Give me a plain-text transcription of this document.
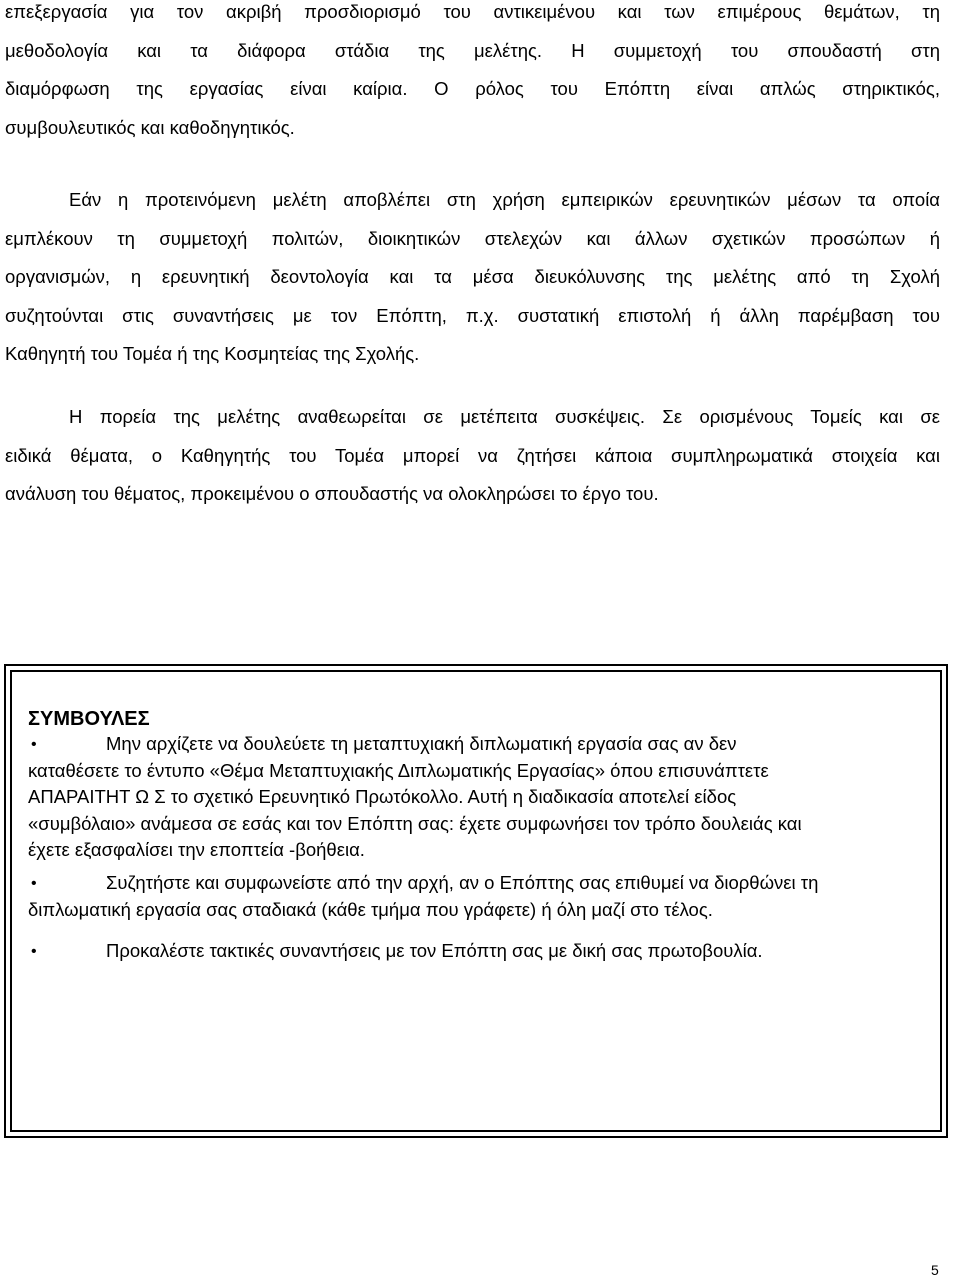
επεξεργασία για τον ακριβή προσδιορισμό του αντικειμένου και των επιμέρους θεμάτων, τη
μεθοδολογία και τα διάφορα στάδια της μελέτης. Η συμμετοχή του σπουδαστή στη
διαμόρφωση της εργασίας είναι καίρια. Ο ρόλος του Επόπτη είναι απλώς στηρικτικός,
συμβουλευτικός και καθοδηγητικός.
Εάν η προτεινόμενη μελέτη αποβλέπει στη χρήση εμπειρικών ερευνητικών μέσων τα οποία
εμπλέκουν τη συμμετοχή πολιτών, διοικητικών στελεχών και άλλων σχετικών προσώπων ή
οργανισμών, η ερευνητική δεοντολογία και τα μέσα διευκόλυνσης της μελέτης από τη Σχολή
συζητούνται στις συναντήσεις με τον Επόπτη, π.χ. συστατική επιστολή ή άλλη παρέμβαση του
Καθηγητή του Τομέα ή της Κοσμητείας της Σχολής.
Η πορεία της μελέτης αναθεωρείται σε μετέπειτα συσκέψεις. Σε ορισμένους Τομείς και σε
ειδικά θέματα, ο Καθηγητής του Τομέα μπορεί να ζητήσει κάποια συμπληρωματικά στοιχεία και
ανάλυση του θέματος, προκειμένου ο σπουδαστής να ολοκληρώσει το έργο του.

ΣΥΜΒΟΥΛΕΣ

•	Μην αρχίζετε να δουλεύετε τη μεταπτυχιακή διπλωματική εργασία σας αν δεν
καταθέσετε το έντυπο «Θέμα Μεταπτυχιακής Διπλωματικής Εργασίας» όπου επισυνάπτετε
ΑΠΑΡΑΙΤΗΤ Ω Σ το σχετικό Ερευνητικό Πρωτόκολλο. Αυτή η διαδικασία αποτελεί είδος
«συμβόλαιο» ανάμεσα σε εσάς και τον Επόπτη σας: έχετε συμφωνήσει τον τρόπο δουλειάς και
έχετε εξασφαλίσει την εποπτεία -βοήθεια.
•	Συζητήστε και συμφωνείστε από την αρχή, αν ο Επόπτης σας επιθυμεί να διορθώνει τη
διπλωματική εργασία σας σταδιακά (κάθε τμήμα που γράφετε) ή όλη μαζί στο τέλος.
•	Προκαλέστε τακτικές συναντήσεις με τον Επόπτη σας με δική σας πρωτοβουλία.
5
